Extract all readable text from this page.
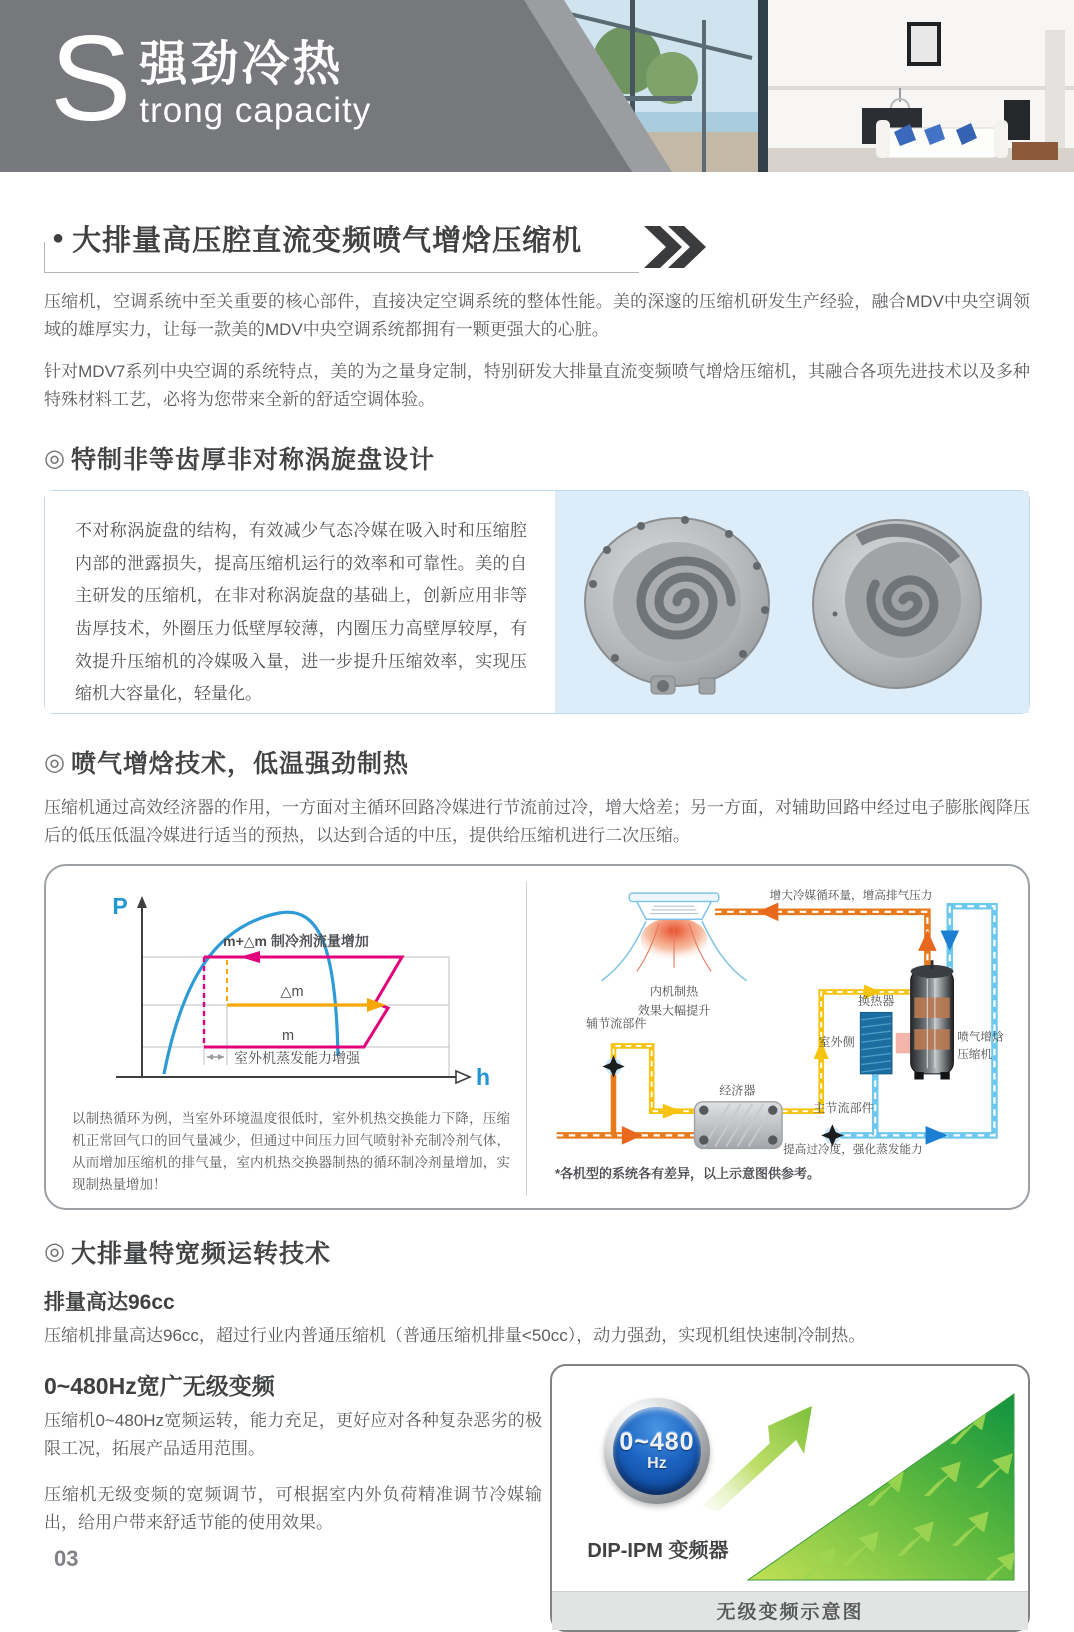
S 强劲冷热
trong capacity
● 大排量高压腔直流变频喷气增焓压缩机

压缩机，空调系统中至关重要的核心部件，直接决定空调系统的整体性能。美的深邃的压缩机研发生产经验，融合MDV中央空调领域的雄厚实力，让每一款美的MDV中央空调系统都拥有一颗更强大的心脏。

针对MDV7系列中央空调的系统特点，美的为之量身定制，特别研发大排量直流变频喷气增焓压缩机，其融合各项先进技术以及多种特殊材料工艺，必将为您带来全新的舒适空调体验。

◎ 特制非等齿厚非对称涡旋盘设计

不对称涡旋盘的结构，有效减少气态冷媒在吸入时和压缩腔内部的泄露损失，提高压缩机运行的效率和可靠性。美的自主研发的压缩机，在非对称涡旋盘的基础上，创新应用非等齿厚技术，外圈压力低壁厚较薄，内圈压力高壁厚较厚，有效提升压缩机的冷媒吸入量，进一步提升压缩效率，实现压缩机大容量化，轻量化。

◎ 喷气增焓技术，低温强劲制热

压缩机通过高效经济器的作用，一方面对主循环回路冷媒进行节流前过冷，增大焓差；另一方面，对辅助回路中经过电子膨胀阀降压后的低压低温冷媒进行适当的预热，以达到合适的中压，提供给压缩机进行二次压缩。

m+△m 制冷剂流量增加
△m
m
室外机蒸发能力增强
P
h

以制热循环为例，当室外环境温度很低时，室外机热交换能力下降，压缩机正常回气口的回气量减少，但通过中间压力回气喷射补充制冷剂气体，从而增加压缩机的排气量，室内机热交换器制热的循环制冷剂量增加，实现制热量增加！

增大冷媒循环量，增高排气压力
内机制热
效果大幅提升
辅节流部件
经济器
主节流部件
换热器
室外侧	喷气增焓
压缩机
提高过冷度，强化蒸发能力

*各机型的系统各有差异，以上示意图供参考。

◎ 大排量特宽频运转技术
排量高达96cc

压缩机排量高达96cc，超过行业内普通压缩机（普通压缩机排量<50cc），动力强劲，实现机组快速制冷制热。

0~480Hz宽广无级变频

压缩机0~480Hz宽频运转，能力充足，更好应对各种复杂恶劣的极限工况，拓展产品适用范围。

压缩机无级变频的宽频调节，可根据室内外负荷精准调节冷媒输出，给用户带来舒适节能的使用效果。

0~480
Hz
DIP-IPM 变频器
无级变频示意图
03
